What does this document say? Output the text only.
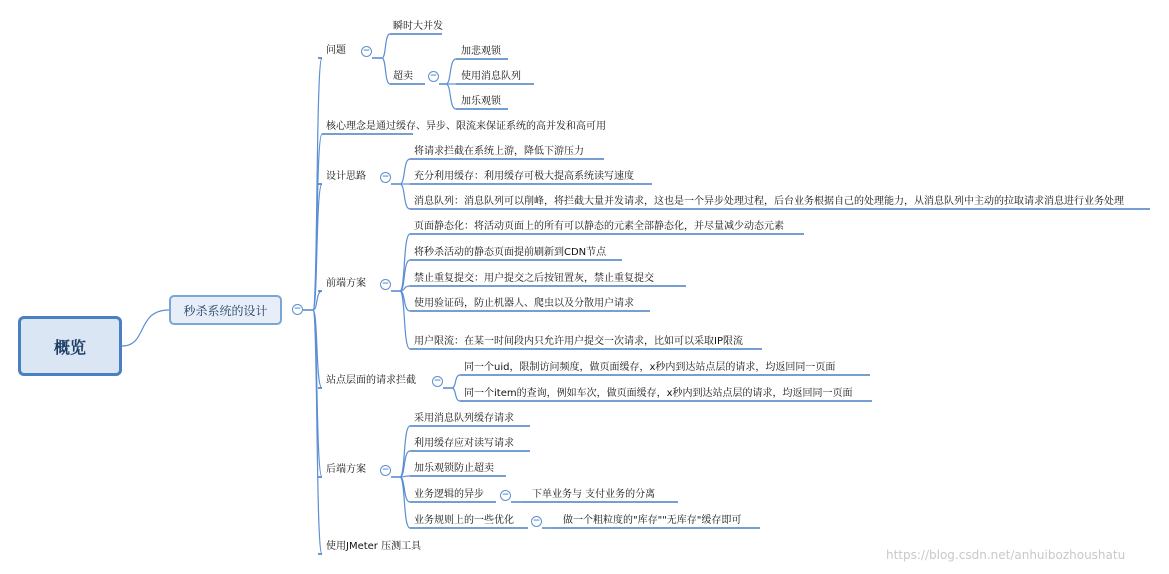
概览
秒杀系统的设计
问题
核心理念是通过缓存、异步、限流来保证系统的高并发和高可用
设计思路
前端方案
站点层面的请求拦截
后端方案
使用JMeter 压测工具
瞬时大并发
超卖
加悲观锁
使用消息队列
加乐观锁
将请求拦截在系统上游，降低下游压力
充分利用缓存：利用缓存可极大提高系统读写速度
消息队列：消息队列可以削峰，将拦截大量并发请求，这也是一个异步处理过程，后台业务根据自己的处理能力，从消息队列中主动的拉取请求消息进行业务处理
页面静态化：将活动页面上的所有可以静态的元素全部静态化，并尽量减少动态元素
将秒杀活动的静态页面提前刷新到CDN节点
禁止重复提交：用户提交之后按钮置灰，禁止重复提交
使用验证码，防止机器人、爬虫以及分散用户请求
用户限流：在某一时间段内只允许用户提交一次请求，比如可以采取IP限流
同一个uid，限制访问频度，做页面缓存，x秒内到达站点层的请求，均返回同一页面
同一个item的查询，例如车次，做页面缓存，x秒内到达站点层的请求，均返回同一页面
采用消息队列缓存请求
利用缓存应对读写请求
加乐观锁防止超卖
业务逻辑的异步	下单业务与 支付业务的分离
业务规则上的一些优化	做一个粗粒度的"库存""无库存"缓存即可
−
−
−
−
−
−
−
−
−
https://blog.csdn.net/anhuibozhoushatu
